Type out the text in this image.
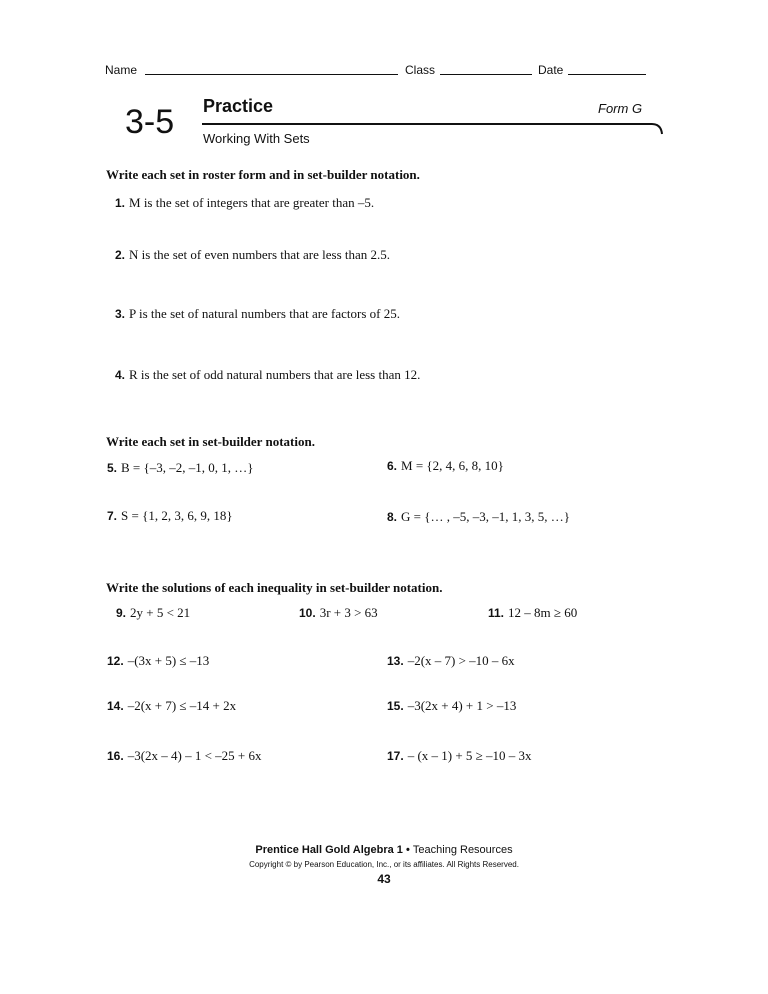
Name	Class	Date
3-5 Practice	Form G
Working With Sets
Write each set in roster form and in set-builder notation.
1. M is the set of integers that are greater than –5.
2. N is the set of even numbers that are less than 2.5.
3. P is the set of natural numbers that are factors of 25.
4. R is the set of odd natural numbers that are less than 12.
Write each set in set-builder notation.
5. B = {–3, –2, –1, 0, 1, …}	6. M = {2, 4, 6, 8, 10}
7. S = {1, 2, 3, 6, 9, 18}	8. G = {… , –5, –3, –1, 1, 3, 5, …}
Write the solutions of each inequality in set-builder notation.
9. 2y + 5 < 21	10. 3r + 3 > 63	11. 12 – 8m ≥ 60
12. –(3x + 5) ≤ –13	13. –2(x – 7) > –10 – 6x
14. –2(x + 7) ≤ –14 + 2x	15. –3(2x + 4) + 1 > –13
16. –3(2x – 4) – 1 < –25 + 6x	17. – (x – 1) + 5 ≥ –10 – 3x
Prentice Hall Gold Algebra 1 • Teaching Resources
Copyright © by Pearson Education, Inc., or its affiliates. All Rights Reserved.
43
